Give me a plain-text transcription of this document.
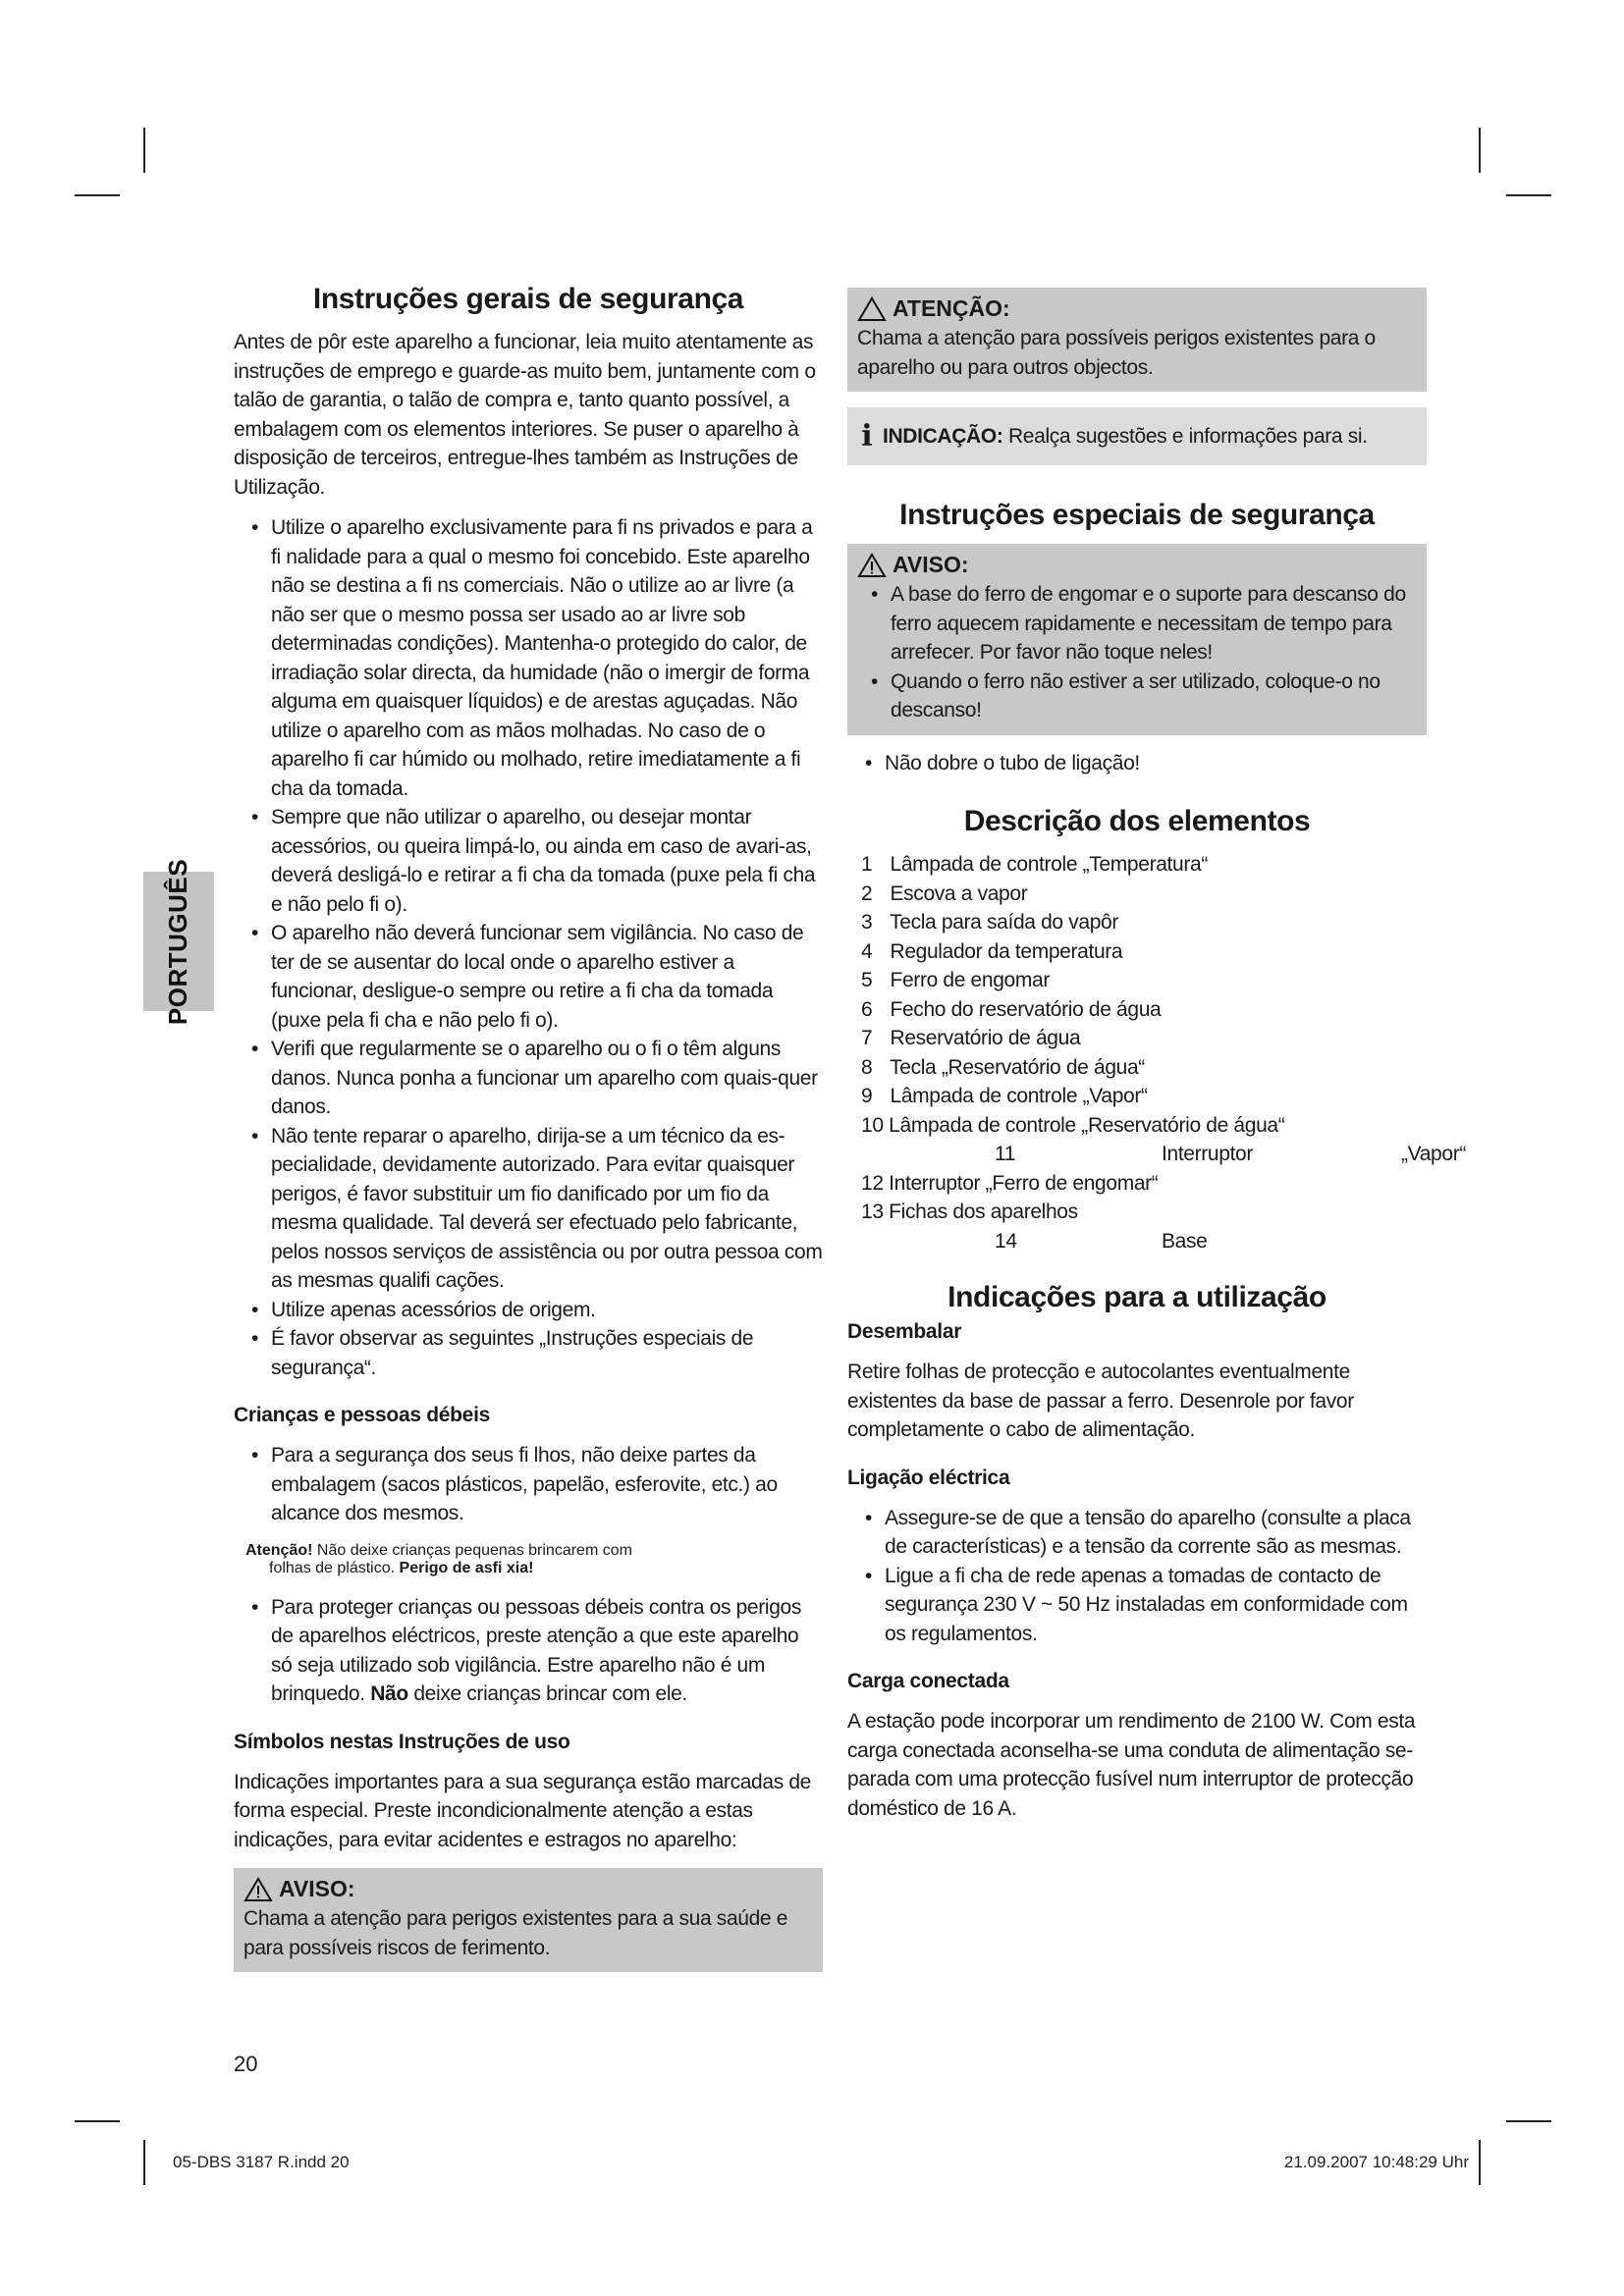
PORTUGUÊS
Instruções gerais de segurança

Antes de pôr este aparelho a funcionar, leia muito atentamente as instruções de emprego e guarde-as muito bem, juntamente com o talão de garantia, o talão de compra e, tanto quanto possível, a embalagem com os elementos interiores. Se puser o aparelho à disposição de terceiros, entregue-lhes também as Instruções de Utilização.

• Utilize o aparelho exclusivamente para fi ns privados e para a fi nalidade para a qual o mesmo foi concebido. Este aparelho não se destina a fi ns comerciais. Não o utilize ao ar livre (a não ser que o mesmo possa ser usado ao ar livre sob determinadas condições). Mantenha-o protegido do calor, de irradiação solar directa, da humidade (não o imergir de forma alguma em quaisquer líquidos) e de arestas aguçadas. Não utilize o aparelho com as mãos molhadas. No caso de o aparelho fi car húmido ou molhado, retire imediatamente a fi cha da tomada.
• Sempre que não utilizar o aparelho, ou desejar montar acessórios, ou queira limpá-lo, ou ainda em caso de avari-as, deverá desligá-lo e retirar a fi cha da tomada (puxe pela fi cha e não pelo fi o).
• O aparelho não deverá funcionar sem vigilância. No caso de ter de se ausentar do local onde o aparelho estiver a funcionar, desligue-o sempre ou retire a fi cha da tomada (puxe pela fi cha e não pelo fi o).
• Verifi que regularmente se o aparelho ou o fi o têm alguns danos. Nunca ponha a funcionar um aparelho com quais-quer danos.
• Não tente reparar o aparelho, dirija-se a um técnico da es-pecialidade, devidamente autorizado. Para evitar quaisquer perigos, é favor substituir um fio danificado por um fio da mesma qualidade. Tal deverá ser efectuado pelo fabricante, pelos nossos serviços de assistência ou por outra pessoa com as mesmas qualifi cações.
• Utilize apenas acessórios de origem.
• É favor observar as seguintes „Instruções especiais de segurança“.
Crianças e pessoas débeis
• Para a segurança dos seus fi lhos, não deixe partes da embalagem (sacos plásticos, papelão, esferovite, etc.) ao alcance dos mesmos.
Atenção! Não deixe crianças pequenas brincarem com
folhas de plástico. Perigo de asfi xia!
• Para proteger crianças ou pessoas débeis contra os perigos de aparelhos eléctricos, preste atenção a que este aparelho só seja utilizado sob vigilância. Estre aparelho não é um brinquedo. Não deixe crianças brincar com ele.
Símbolos nestas Instruções de uso

Indicações importantes para a sua segurança estão marcadas de forma especial. Preste incondicionalmente atenção a estas indicações, para evitar acidentes e estragos no aparelho:

AVISO:

Chama a atenção para perigos existentes para a sua saúde e para possíveis riscos de ferimento.

ATENÇÃO:

Chama a atenção para possíveis perigos existentes para o aparelho ou para outros objectos.

i INDICAÇÃO: Realça sugestões e informações para si.

Instruções especiais de segurança
AVISO:
• A base do ferro de engomar e o suporte para descanso do ferro aquecem rapidamente e necessitam de tempo para arrefecer. Por favor não toque neles!
• Quando o ferro não estiver a ser utilizado, coloque-o no descanso!
• Não dobre o tubo de ligação!
Descrição dos elementos
1 Lâmpada de controle „Temperatura“
2 Escova a vapor
3 Tecla para saída do vapôr
4 Regulador da temperatura
5 Ferro de engomar
6 Fecho do reservatório de água
7 Reservatório de água
8 Tecla „Reservatório de água“
9 Lâmpada de controle „Vapor“
10 Lâmpada de controle „Reservatório de água“
11	Interruptor	„Vapor“
12 Interruptor „Ferro de engomar“
13 Fichas dos aparelhos
14	Base
Indicações para a utilização
Desembalar

Retire folhas de protecção e autocolantes eventualmente existentes da base de passar a ferro. Desenrole por favor completamente o cabo de alimentação.

Ligação eléctrica
• Assegure-se de que a tensão do aparelho (consulte a placa de características) e a tensão da corrente são as mesmas.
• Ligue a fi cha de rede apenas a tomadas de contacto de segurança 230 V ~ 50 Hz instaladas em conformidade com os regulamentos.
Carga conectada

A estação pode incorporar um rendimento de 2100 W. Com esta carga conectada aconselha-se uma conduta de alimentação se-parada com uma protecção fusível num interruptor de protecção doméstico de 16 A.

20
05-DBS 3187 R.indd 20	21.09.2007 10:48:29 Uhr
